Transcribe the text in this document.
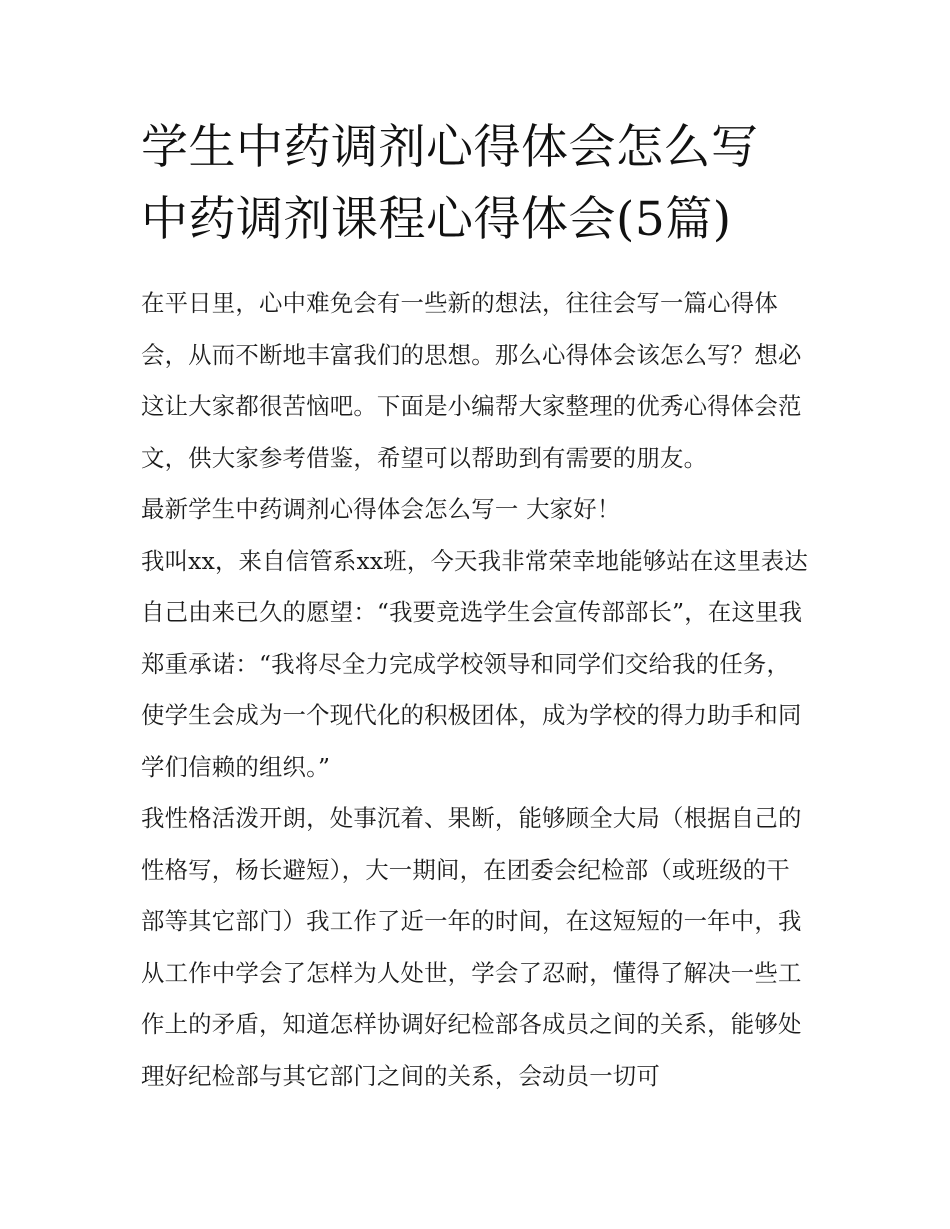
学生中药调剂心得体会怎么写
中药调剂课程心得体会(5篇)

在平日里，心中难免会有一些新的想法，往往会写一篇心得体会，从而不断地丰富我们的思想。那么心得体会该怎么写？想必这让大家都很苦恼吧。下面是小编帮大家整理的优秀心得体会范文，供大家参考借鉴，希望可以帮助到有需要的朋友。

最新学生中药调剂心得体会怎么写一 大家好！

我叫xx，来自信管系xx班，今天我非常荣幸地能够站在这里表达自己由来已久的愿望：“我要竞选学生会宣传部部长”，在这里我郑重承诺：“我将尽全力完成学校领导和同学们交给我的任务，使学生会成为一个现代化的积极团体，成为学校的得力助手和同学们信赖的组织。”

我性格活泼开朗，处事沉着、果断，能够顾全大局（根据自己的性格写，杨长避短），大一期间，在团委会纪检部（或班级的干部等其它部门）我工作了近一年的时间，在这短短的一年中，我从工作中学会了怎样为人处世，学会了忍耐，懂得了解决一些工作上的矛盾，知道怎样协调好纪检部各成员之间的关系，能够处理好纪检部与其它部门之间的关系，会动员一切可
